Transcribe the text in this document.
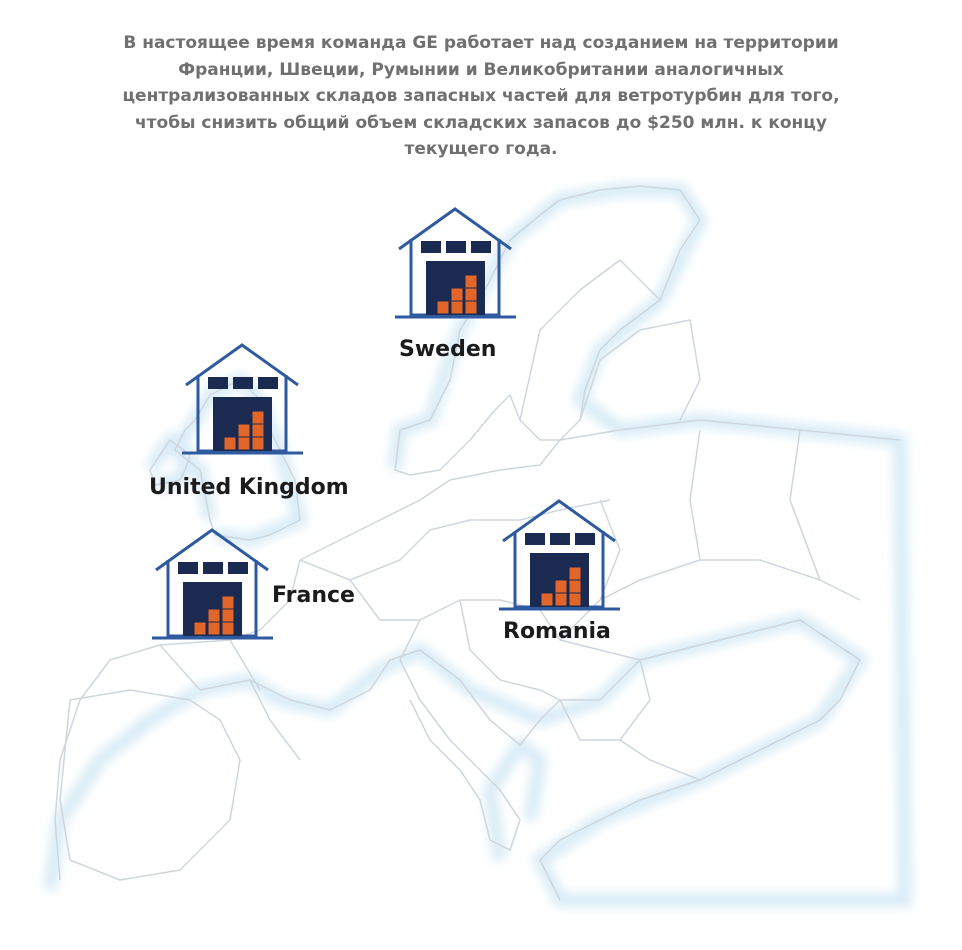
В настоящее время команда GE работает над созданием на территории Франции, Швеции, Румынии и Великобритании аналогичных централизованных складов запасных частей для ветротурбин для того, чтобы снизить общий объем складских запасов до $250 млн. к концу текущего года.
Sweden
United Kingdom
France
Romania
